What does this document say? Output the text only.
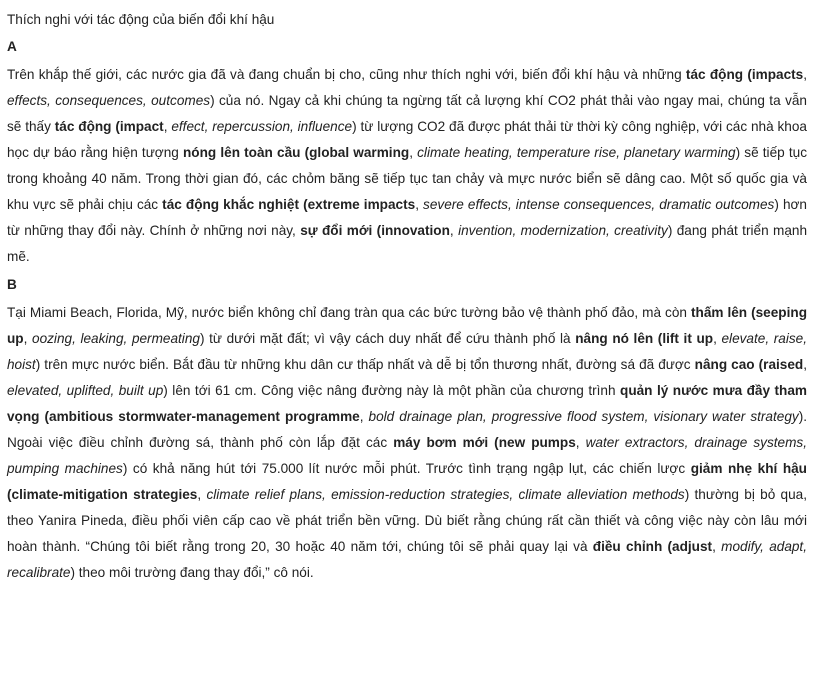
Thích nghi với tác động của biến đổi khí hậu
A

Trên khắp thế giới, các nước gia đã và đang chuẩn bị cho, cũng như thích nghi với, biến đổi khí hậu và những tác động (impacts, effects, consequences, outcomes) của nó. Ngay cả khi chúng ta ngừng tất cả lượng khí CO2 phát thải vào ngay mai, chúng ta vẫn sẽ thấy tác động (impact, effect, repercussion, influence) từ lượng CO2 đã được phát thải từ thời kỳ công nghiệp, với các nhà khoa học dự báo rằng hiện tượng nóng lên toàn cầu (global warming, climate heating, temperature rise, planetary warming) sẽ tiếp tục trong khoảng 40 năm. Trong thời gian đó, các chỏm băng sẽ tiếp tục tan chảy và mực nước biển sẽ dâng cao. Một số quốc gia và khu vực sẽ phải chịu các tác động khắc nghiệt (extreme impacts, severe effects, intense consequences, dramatic outcomes) hơn từ những thay đổi này. Chính ở những nơi này, sự đổi mới (innovation, invention, modernization, creativity) đang phát triển mạnh mẽ.

B

Tại Miami Beach, Florida, Mỹ, nước biển không chỉ đang tràn qua các bức tường bảo vệ thành phố đảo, mà còn thấm lên (seeping up, oozing, leaking, permeating) từ dưới mặt đất; vì vậy cách duy nhất để cứu thành phố là nâng nó lên (lift it up, elevate, raise, hoist) trên mực nước biển. Bắt đầu từ những khu dân cư thấp nhất và dễ bị tổn thương nhất, đường sá đã được nâng cao (raised, elevated, uplifted, built up) lên tới 61 cm. Công việc nâng đường này là một phần của chương trình quản lý nước mưa đầy tham vọng (ambitious stormwater-management programme, bold drainage plan, progressive flood system, visionary water strategy). Ngoài việc điều chỉnh đường sá, thành phố còn lắp đặt các máy bơm mới (new pumps, water extractors, drainage systems, pumping machines) có khả năng hút tới 75.000 lít nước mỗi phút. Trước tình trạng ngập lụt, các chiến lược giảm nhẹ khí hậu (climate-mitigation strategies, climate relief plans, emission-reduction strategies, climate alleviation methods) thường bị bỏ qua, theo Yanira Pineda, điều phối viên cấp cao về phát triển bền vững. Dù biết rằng chúng rất cần thiết và công việc này còn lâu mới hoàn thành. “Chúng tôi biết rằng trong 20, 30 hoặc 40 năm tới, chúng tôi sẽ phải quay lại và điều chỉnh (adjust, modify, adapt, recalibrate) theo môi trường đang thay đổi,” cô nói.
